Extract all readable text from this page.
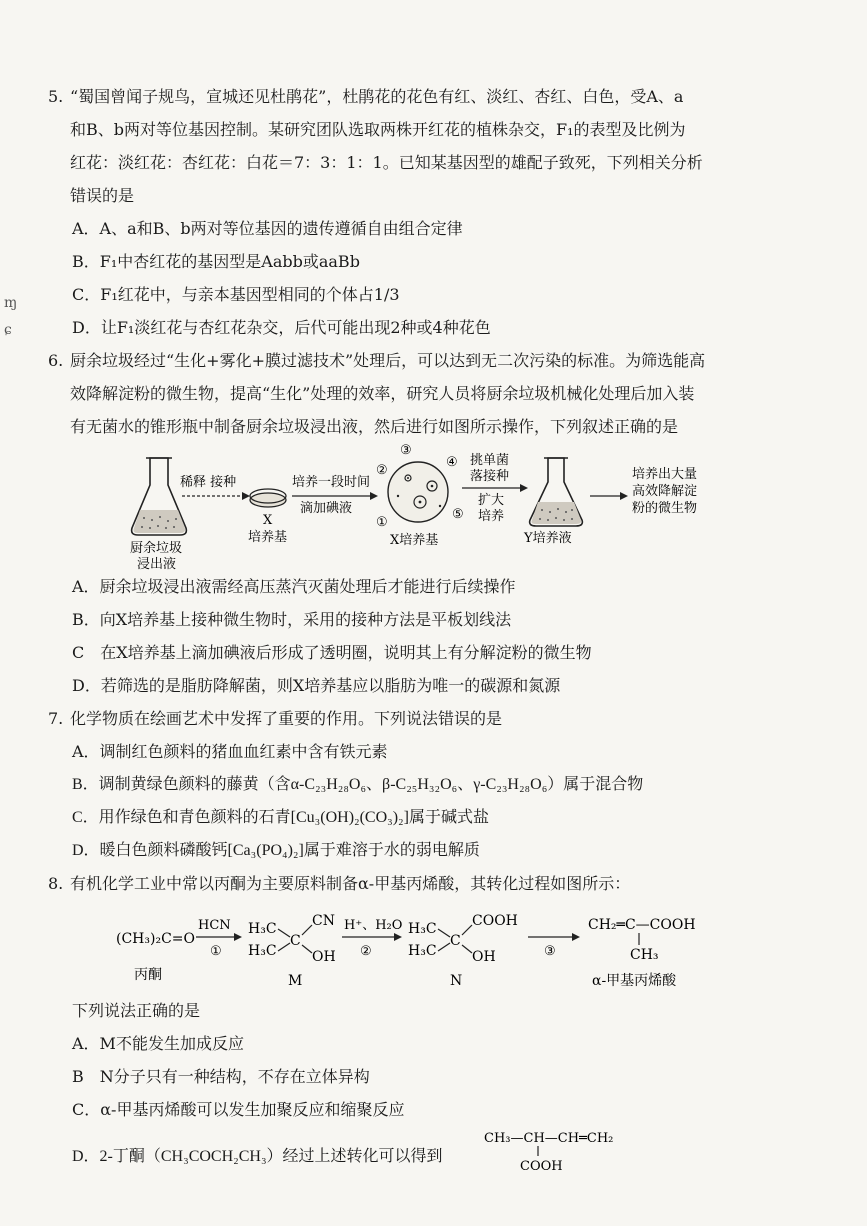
ɱ
ɕ

5. “蜀国曾闻子规鸟，宣城还见杜鹃花”，杜鹃花的花色有红、淡红、杏红、白色，受A、a

和B、b两对等位基因控制。某研究团队选取两株开红花的植株杂交，F₁的表型及比例为

红花：淡红花：杏红花：白花＝7：3：1：1。已知某基因型的雄配子致死，下列相关分析

错误的是

A．A、a和B、b两对等位基因的遗传遵循自由组合定律
B．F₁中杏红花的基因型是Aabb或aaBb
C．F₁红花中，与亲本基因型相同的个体占1/3
D．让F₁淡红花与杏红花杂交，后代可能出现2种或4种花色

6. 厨余垃圾经过“生化+雾化+膜过滤技术”处理后，可以达到无二次污染的标准。为筛选能高

效降解淀粉的微生物，提高“生化”处理的效率，研究人员将厨余垃圾机械化处理后加入装

有无菌水的锥形瓶中制备厨余垃圾浸出液，然后进行如图所示操作，下列叙述正确的是

厨余垃圾
浸出液
稀释 接种
X
培养基
培养一段时间
滴加碘液
①
②
③
④
⑤
X培养基
挑单菌
落接种
扩大
培养
Y培养液
培养出大量
高效降解淀
粉的微生物
A．厨余垃圾浸出液需经高压蒸汽灭菌处理后才能进行后续操作
B．向X培养基上接种微生物时，采用的接种方法是平板划线法
C　在X培养基上滴加碘液后形成了透明圈，说明其上有分解淀粉的微生物
D．若筛选的是脂肪降解菌，则X培养基应以脂肪为唯一的碳源和氮源

7. 化学物质在绘画艺术中发挥了重要的作用。下列说法错误的是

A．调制红色颜料的猪血血红素中含有铁元素
B．调制黄绿色颜料的藤黄（含α-C₂₃H₂₈O₆、β-C₂₅H₃₂O₆、γ-C₂₃H₂₈O₆）属于混合物
C．用作绿色和青色颜料的石青[Cu₃(OH)₂(CO₃)₂]属于碱式盐
D．暖白色颜料磷酸钙[Ca₃(PO₄)₂]属于难溶于水的弱电解质

8. 有机化学工业中常以丙酮为主要原料制备α-甲基丙烯酸，其转化过程如图所示：

(CH₃)₂C=O
丙酮
HCN
①
H₃C
H₃C
C
CN
OH
M
H⁺、H₂O
②
H₃C
H₃C
C
COOH
OH
N
③
CH₂═C—COOH
CH₃
α-甲基丙烯酸
下列说法正确的是
A．M不能发生加成反应
B　N分子只有一种结构，不存在立体异构
C．α-甲基丙烯酸可以发生加聚反应和缩聚反应
D．2-丁酮（CH₃COCH₂CH₃）经过上述转化可以得到
CH₃—CH—CH═CH₂
COOH
